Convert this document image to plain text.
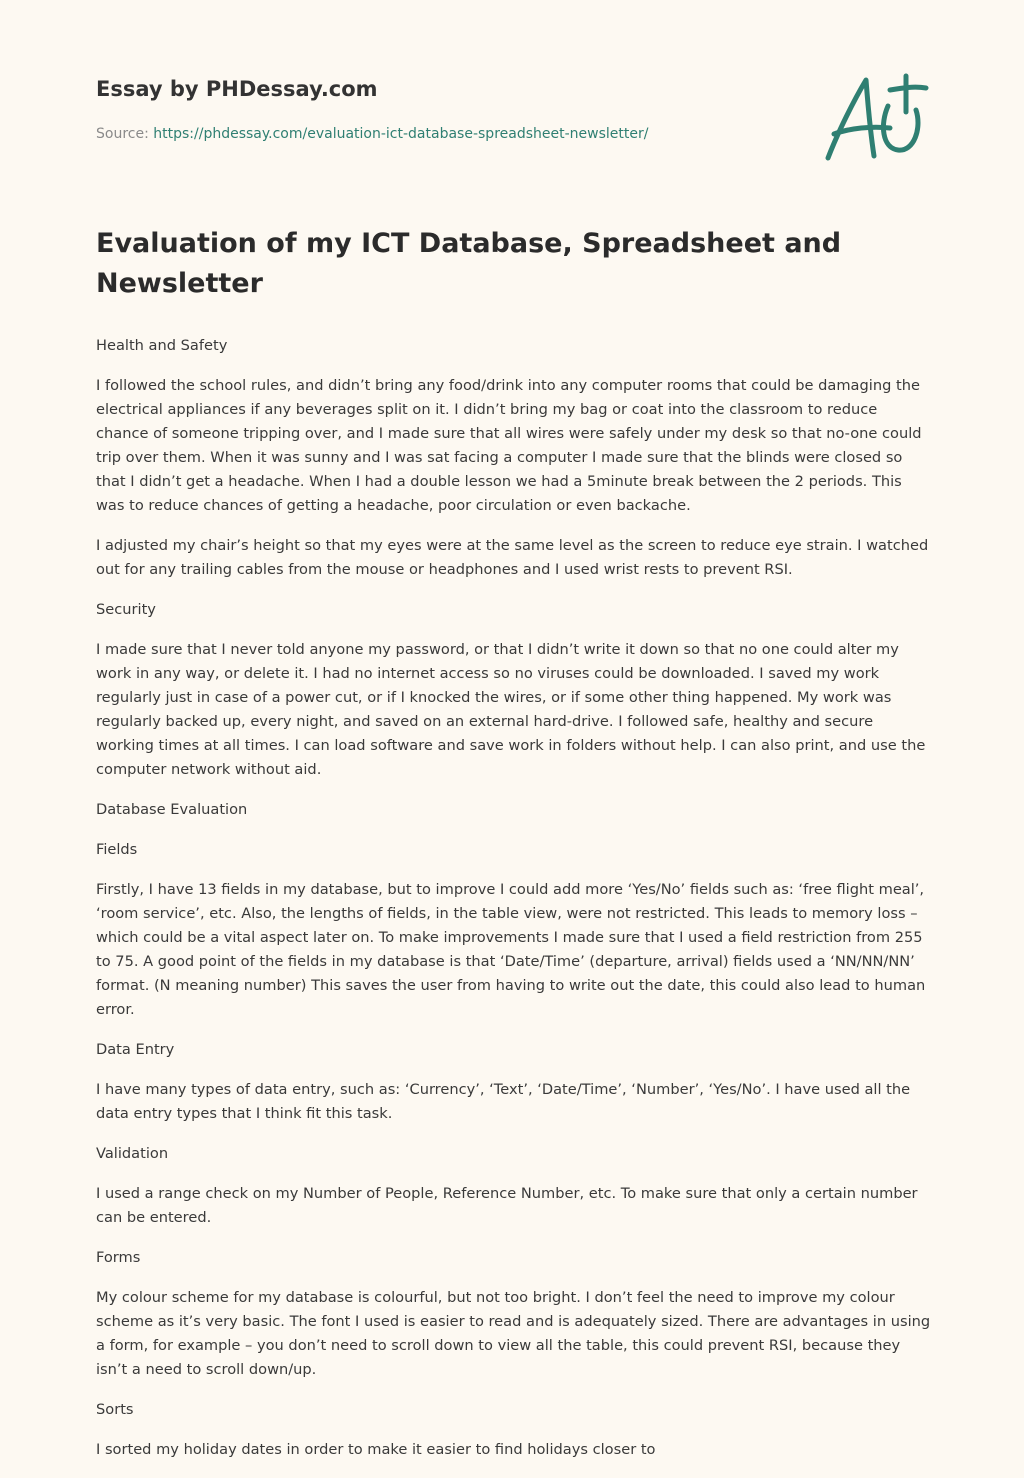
Essay by PHDessay.com
Source: https://phdessay.com/evaluation-ict-database-spreadsheet-newsletter/
Evaluation of my ICT Database, Spreadsheet and Newsletter

Health and Safety

I followed the school rules, and didn’t bring any food/drink into any computer rooms that could be damaging the electrical appliances if any beverages split on it. I didn’t bring my bag or coat into the classroom to reduce chance of someone tripping over, and I made sure that all wires were safely under my desk so that no-one could trip over them. When it was sunny and I was sat facing a computer I made sure that the blinds were closed so that I didn’t get a headache. When I had a double lesson we had a 5minute break between the 2 periods. This was to reduce chances of getting a headache, poor circulation or even backache.

I adjusted my chair’s height so that my eyes were at the same level as the screen to reduce eye strain. I watched out for any trailing cables from the mouse or headphones and I used wrist rests to prevent RSI.

Security

I made sure that I never told anyone my password, or that I didn’t write it down so that no one could alter my work in any way, or delete it. I had no internet access so no viruses could be downloaded. I saved my work regularly just in case of a power cut, or if I knocked the wires, or if some other thing happened. My work was regularly backed up, every night, and saved on an external hard-drive. I followed safe, healthy and secure working times at all times. I can load software and save work in folders without help. I can also print, and use the computer network without aid.

Database Evaluation

Fields

Firstly, I have 13 fields in my database, but to improve I could add more ‘Yes/No’ fields such as: ‘free flight meal’, ‘room service’, etc. Also, the lengths of fields, in the table view, were not restricted. This leads to memory loss – which could be a vital aspect later on. To make improvements I made sure that I used a field restriction from 255 to 75. A good point of the fields in my database is that ‘Date/Time’ (departure, arrival) fields used a ‘NN/NN/NN’ format. (N meaning number) This saves the user from having to write out the date, this could also lead to human error.

Data Entry

I have many types of data entry, such as: ‘Currency’, ‘Text’, ‘Date/Time’, ‘Number’, ‘Yes/No’. I have used all the data entry types that I think fit this task.

Validation

I used a range check on my Number of People, Reference Number, etc. To make sure that only a certain number can be entered.

Forms

My colour scheme for my database is colourful, but not too bright. I don’t feel the need to improve my colour scheme as it’s very basic. The font I used is easier to read and is adequately sized. There are advantages in using a form, for example – you don’t need to scroll down to view all the table, this could prevent RSI, because they isn’t a need to scroll down/up.

Sorts

I sorted my holiday dates in order to make it easier to find holidays closer to
